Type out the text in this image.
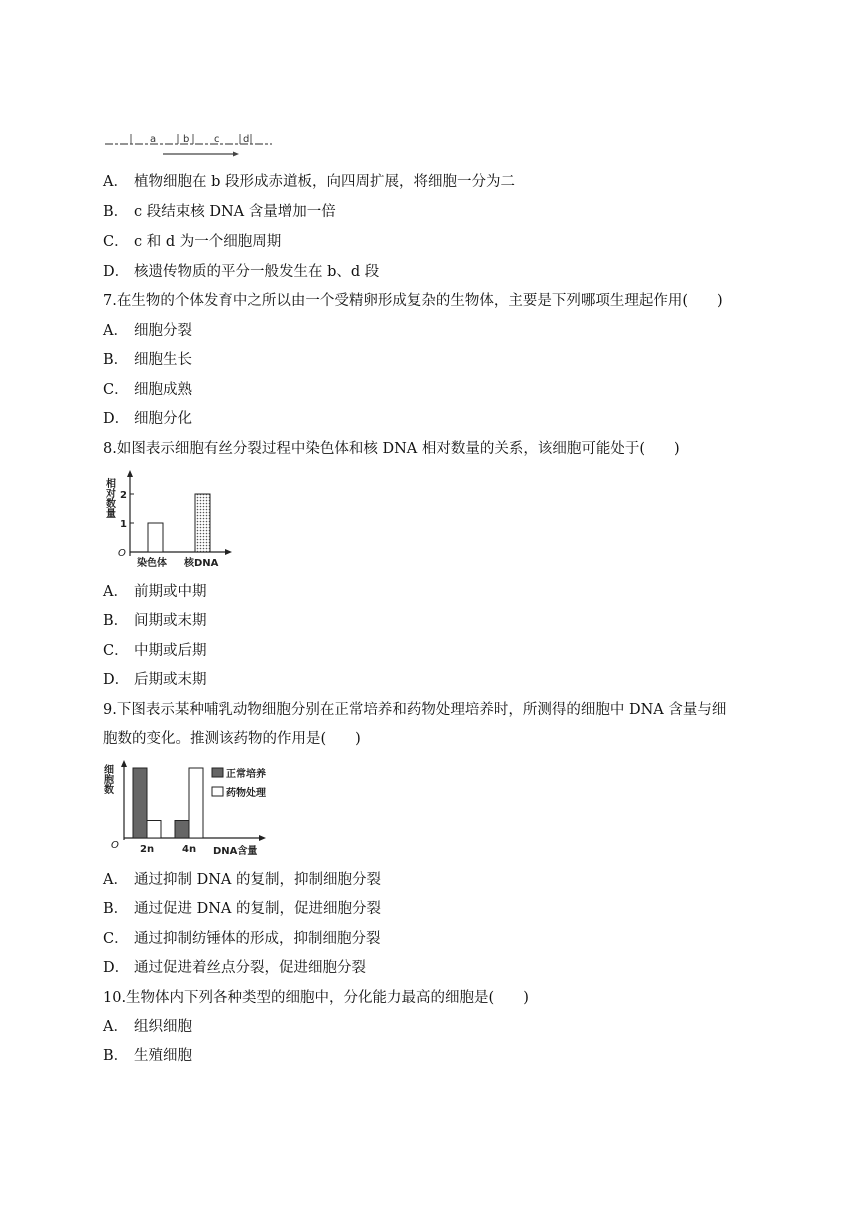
a	b c d
A． 植物细胞在 b 段形成赤道板，向四周扩展，将细胞一分为二
B． c 段结束核 DNA 含量增加一倍
C． c 和 d 为一个细胞周期
D． 核遗传物质的平分一般发生在 b、d 段
7.在生物的个体发育中之所以由一个受精卵形成复杂的生物体，主要是下列哪项生理起作用(　　)
A． 细胞分裂
B． 细胞生长
C． 细胞成熟
D． 细胞分化
8.如图表示细胞有丝分裂过程中染色体和核 DNA 相对数量的关系，该细胞可能处于(　　)
相对数量
O
1
2
染色体 核DNA
A． 前期或中期
B． 间期或末期
C． 中期或后期
D． 后期或末期
9.下图表示某种哺乳动物细胞分别在正常培养和药物处理培养时，所测得的细胞中 DNA 含量与细
胞数的变化。推测该药物的作用是(　　)
细胞数
O
DNA含量
2n	4n
正常培养
药物处理
A． 通过抑制 DNA 的复制，抑制细胞分裂
B． 通过促进 DNA 的复制，促进细胞分裂
C． 通过抑制纺锤体的形成，抑制细胞分裂
D． 通过促进着丝点分裂，促进细胞分裂
10.生物体内下列各种类型的细胞中，分化能力最高的细胞是(　　)
A． 组织细胞
B． 生殖细胞
